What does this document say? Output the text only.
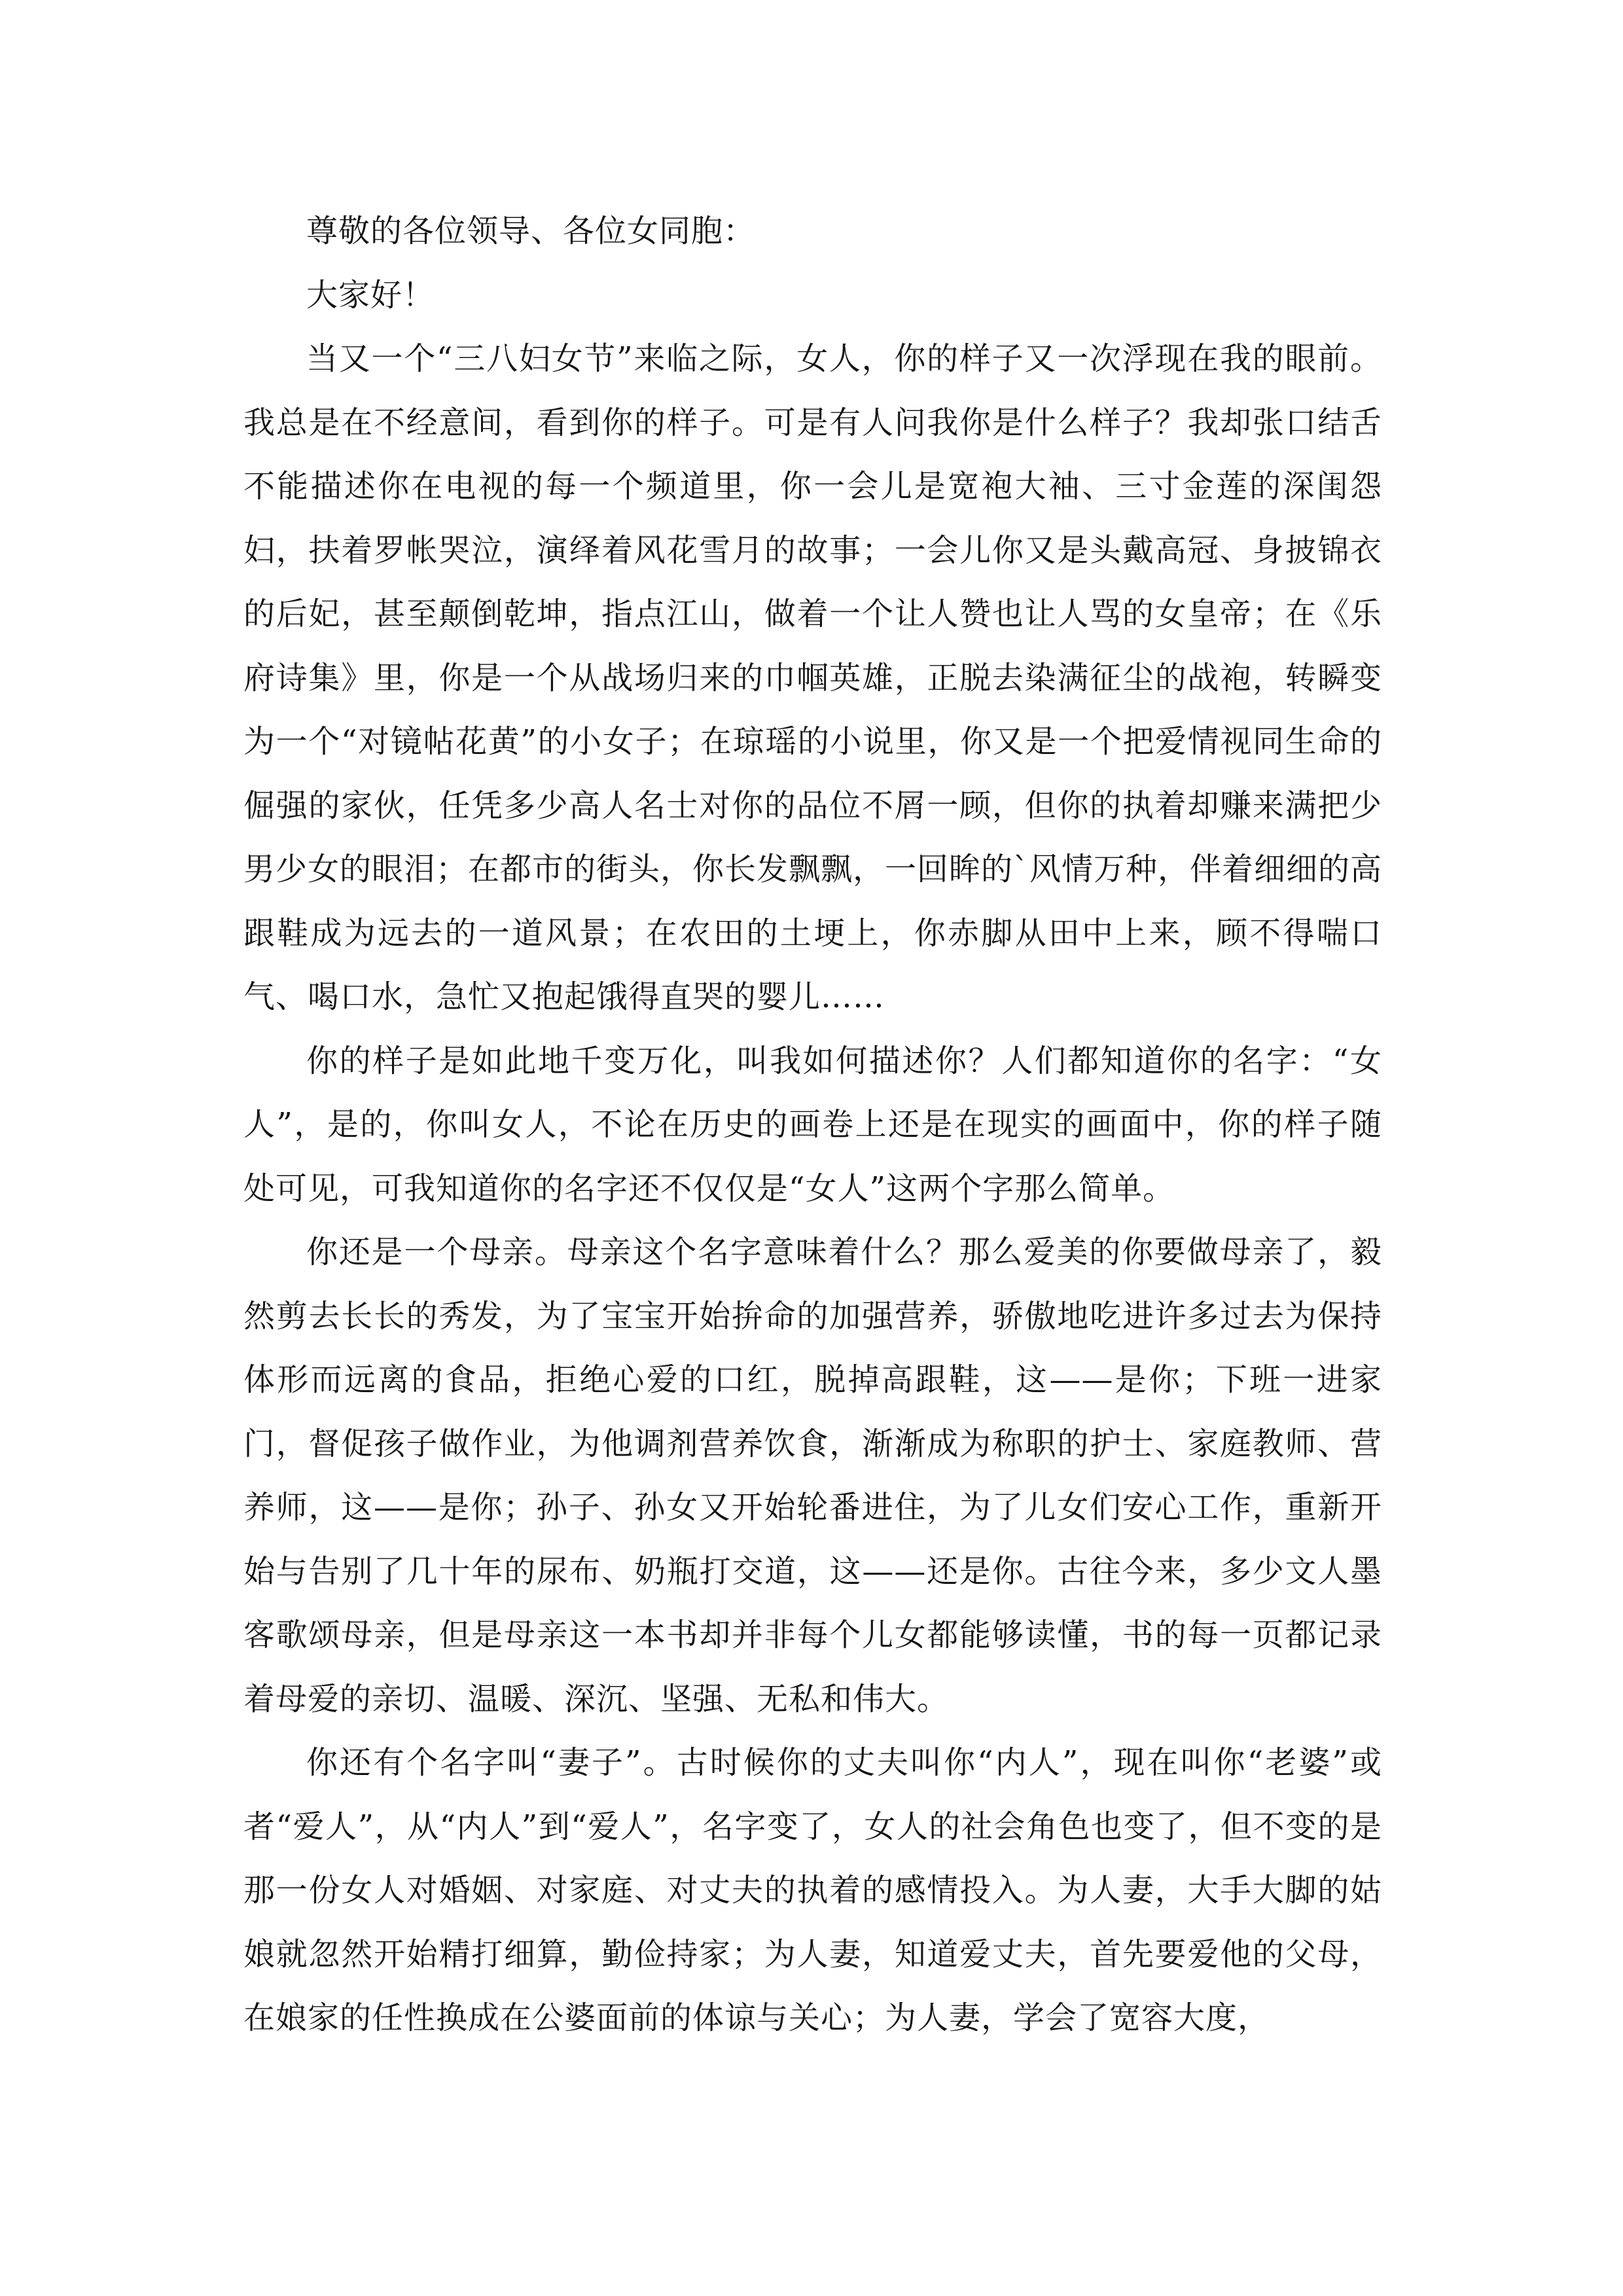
尊敬的各位领导、各位女同胞：

大家好！

当又一个“三八妇女节”来临之际，女人，你的样子又一次浮现在我的眼前。我总是在不经意间，看到你的样子。可是有人问我你是什么样子？我却张口结舌不能描述你在电视的每一个频道里，你一会儿是宽袍大袖、三寸金莲的深闺怨妇，扶着罗帐哭泣，演绎着风花雪月的故事；一会儿你又是头戴高冠、身披锦衣的后妃，甚至颠倒乾坤，指点江山，做着一个让人赞也让人骂的女皇帝；在《乐府诗集》里，你是一个从战场归来的巾帼英雄，正脱去染满征尘的战袍，转瞬变为一个“对镜帖花黄”的小女子；在琼瑶的小说里，你又是一个把爱情视同生命的倔强的家伙，任凭多少高人名士对你的品位不屑一顾，但你的执着却赚来满把少男少女的眼泪；在都市的街头，你长发飘飘，一回眸的`风情万种，伴着细细的高跟鞋成为远去的一道风景；在农田的土埂上，你赤脚从田中上来，顾不得喘口气、喝口水，急忙又抱起饿得直哭的婴儿……

你的样子是如此地千变万化，叫我如何描述你？人们都知道你的名字：“女人”，是的，你叫女人，不论在历史的画卷上还是在现实的画面中，你的样子随处可见，可我知道你的名字还不仅仅是“女人”这两个字那么简单。

你还是一个母亲。母亲这个名字意味着什么？那么爱美的你要做母亲了，毅然剪去长长的秀发，为了宝宝开始拚命的加强营养，骄傲地吃进许多过去为保持体形而远离的食品，拒绝心爱的口红，脱掉高跟鞋，这——是你；下班一进家门，督促孩子做作业，为他调剂营养饮食，渐渐成为称职的护士、家庭教师、营养师，这——是你；孙子、孙女又开始轮番进住，为了儿女们安心工作，重新开始与告别了几十年的尿布、奶瓶打交道，这——还是你。古往今来，多少文人墨客歌颂母亲，但是母亲这一本书却并非每个儿女都能够读懂，书的每一页都记录着母爱的亲切、温暖、深沉、坚强、无私和伟大。

你还有个名字叫“妻子”。古时候你的丈夫叫你“内人”，现在叫你“老婆”或者“爱人”，从“内人”到“爱人”，名字变了，女人的社会角色也变了，但不变的是那一份女人对婚姻、对家庭、对丈夫的执着的感情投入。为人妻，大手大脚的姑娘就忽然开始精打细算，勤俭持家；为人妻，知道爱丈夫，首先要爱他的父母，在娘家的任性换成在公婆面前的体谅与关心；为人妻，学会了宽容大度，
